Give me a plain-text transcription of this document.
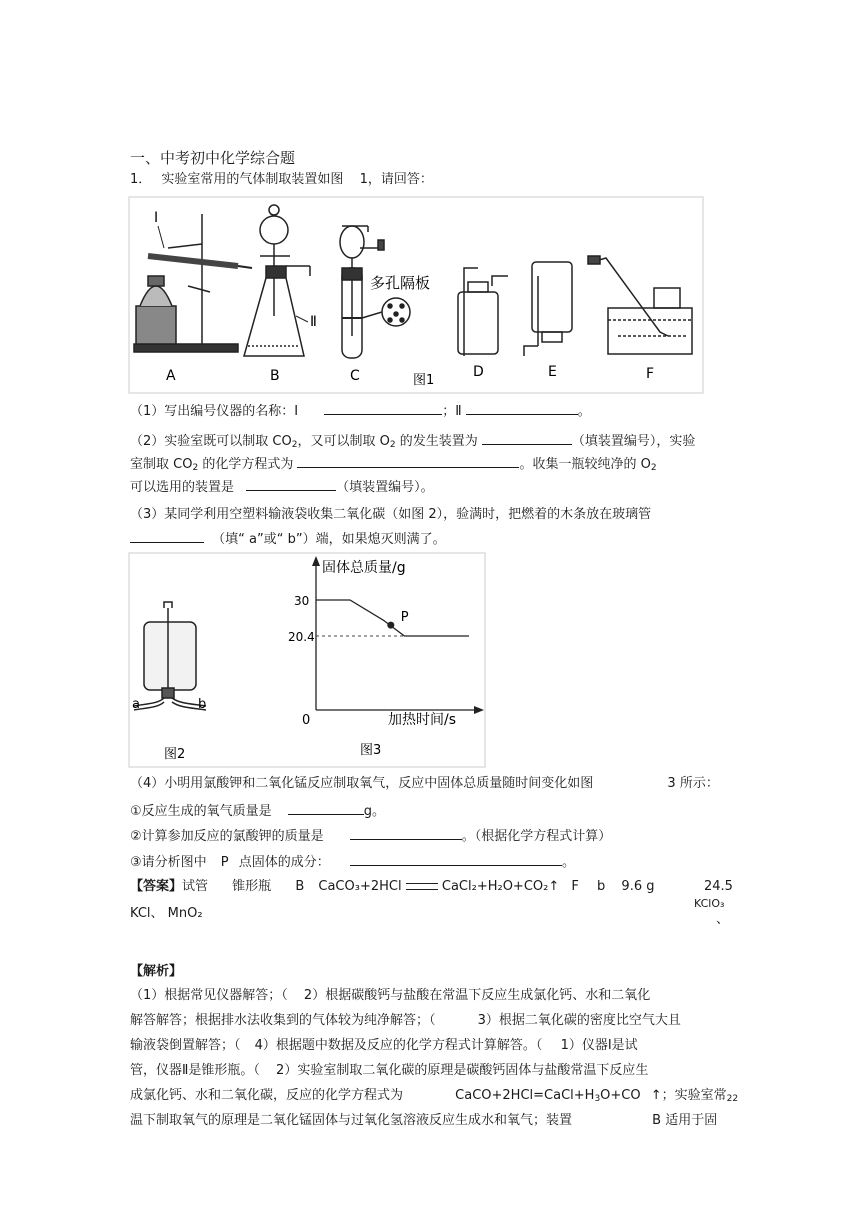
一、中考初中化学综合题
1． 实验室常用的气体制取装置如图 1，请回答：
I
Ⅱ
多孔隔板
A	B	C	图1
D	E	F
（1）写出编号仪器的名称：Ⅰ	；Ⅱ	。
（2）实验室既可以制取 $CO_2$，又可以制取 $O_2$ 的发生装置为	（填装置编号），实验
室制取 $CO_2$ 的化学方程式为	。收集一瓶较纯净的 $O_2$
可以选用的装置是	（填装置编号）。
（3）某同学利用空塑料输液袋收集二氧化碳（如图 2），验满时，把燃着的木条放在玻璃管
（填“ a”或“ b”）端，如果熄灭则满了。
a	b
图2
固体总质量/g
加热时间/s
0
30
20.4
P
图3
（4）小明用氯酸钾和二氧化锰反应制取氧气，反应中固体总质量随时间变化如图	3 所示：
①反应生成的氧气质量是	g。
②计算参加反应的氯酸钾的质量是	。（根据化学方程式计算）
③请分析图中 P 点固体的成分：	。
【答案】试管 锥形瓶 B CaCO₃+2HCl	CaCl₂+H₂O+CO₂↑ F b 9.6 g	24.5
KClO₃
KCl、 MnO₂	、
【解析】
（1）根据常见仪器解答；（ 2）根据碳酸钙与盐酸在常温下反应生成氯化钙、水和二氧化
解答解答；根据排水法收集到的气体较为纯净解答；（	3）根据二氧化碳的密度比空气大且
输液袋倒置解答；（ 4）根据题中数据及反应的化学方程式计算解答。（ 1）仪器Ⅰ是试
管，仪器Ⅱ是锥形瓶。（ 2）实验室制取二氧化碳的原理是碳酸钙固体与盐酸常温下反应生
成氯化钙、水和二氧化碳，反应的化学方程式为	$CaCO+2HCl=CaCl+H_3O+CO$ ↑；实验室常$_{22}$
温下制取氧气的原理是二氧化锰固体与过氧化氢溶液反应生成水和氧气；装置	B 适用于固
